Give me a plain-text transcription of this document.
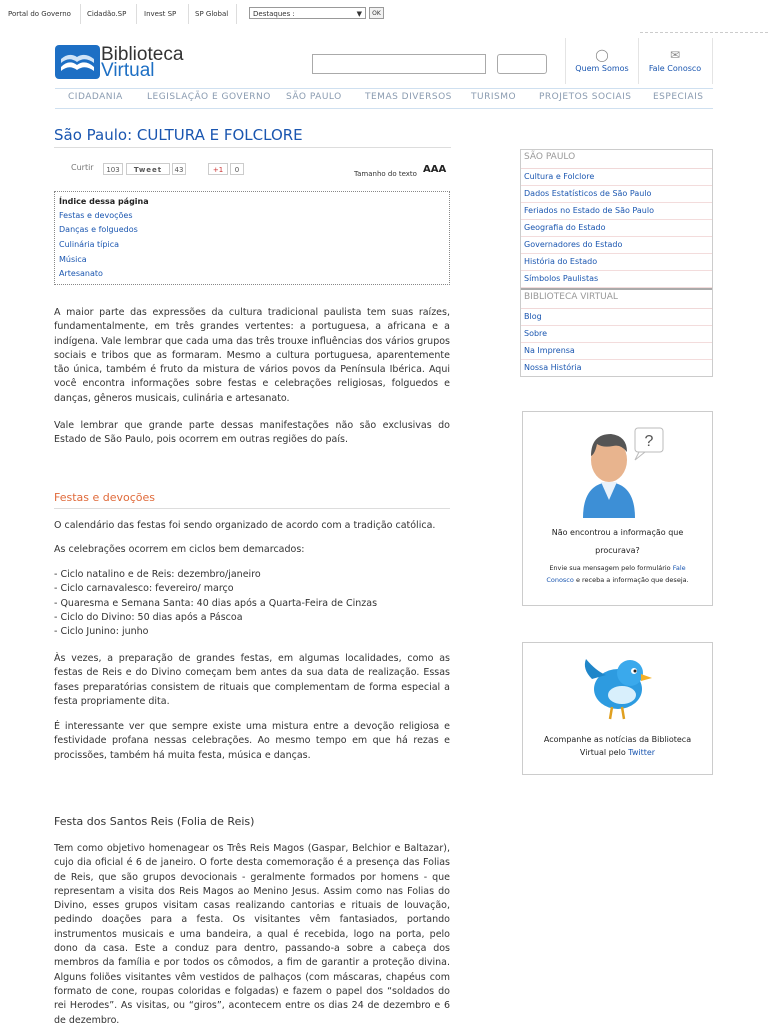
Portal do Governo Cidadão.SP	Invest SP	SP Global	Destaques :	▼	OK
Biblioteca
Virtual
◯
Quem Somos
✉
Fale Conosco
CIDADANIA	LEGISLAÇÃO E GOVERNO SÃO PAULO	TEMAS DIVERSOS TURISMO	PROJETOS SOCIAIS ESPECIAIS
São Paulo: CULTURA E FOLCLORE
Curtir	103	Tweet	43	+1	0	Tamanho do texto AAA
Índice dessa página
Festas e devoções
Danças e folguedos
Culinária típica
Música
Artesanato
A maior parte das expressões da cultura tradicional paulista tem suas raízes, fundamentalmente, em três grandes vertentes: a portuguesa, a africana e a indígena. Vale lembrar que cada uma das três trouxe influências dos vários grupos sociais e tribos que as formaram. Mesmo a cultura portuguesa, aparentemente tão única, também é fruto da mistura de vários povos da Península Ibérica. Aqui você encontra informações sobre festas e celebrações religiosas, folguedos e danças, gêneros musicais, culinária e artesanato.
Vale lembrar que grande parte dessas manifestações não são exclusivas do Estado de São Paulo, pois ocorrem em outras regiões do país.
Festas e devoções
O calendário das festas foi sendo organizado de acordo com a tradição católica.
As celebrações ocorrem em ciclos bem demarcados:
- Ciclo natalino e de Reis: dezembro/janeiro
- Ciclo carnavalesco: fevereiro/ março
- Quaresma e Semana Santa: 40 dias após a Quarta-Feira de Cinzas
- Ciclo do Divino: 50 dias após a Páscoa
- Ciclo Junino: junho
Às vezes, a preparação de grandes festas, em algumas localidades, como as festas de Reis e do Divino começam bem antes da sua data de realização. Essas fases preparatórias consistem de rituais que complementam de forma especial a festa propriamente dita.
É interessante ver que sempre existe uma mistura entre a devoção religiosa e festividade profana nessas celebrações. Ao mesmo tempo em que há rezas e procissões, também há muita festa, música e danças.
Festa dos Santos Reis (Folia de Reis)
Tem como objetivo homenagear os Três Reis Magos (Gaspar, Belchior e Baltazar), cujo dia oficial é 6 de janeiro. O forte desta comemoração é a presença das Folias de Reis, que são grupos devocionais - geralmente formados por homens - que representam a visita dos Reis Magos ao Menino Jesus. Assim como nas Folias do Divino, esses grupos visitam casas realizando cantorias e rituais de louvação, pedindo doações para a festa. Os visitantes vêm fantasiados, portando instrumentos musicais e uma bandeira, a qual é recebida, logo na porta, pelo dono da casa. Este a conduz para dentro, passando-a sobre a cabeça dos membros da família e por todos os cômodos, a fim de garantir a proteção divina. Alguns foliões visitantes vêm vestidos de palhaços (com máscaras, chapéus com formato de cone, roupas coloridas e folgadas) e fazem o papel dos “soldados do rei Herodes”. As visitas, ou “giros”, acontecem entre os dias 24 de dezembro e 6 de dezembro.
SÃO PAULO
Cultura e Folclore
Dados Estatísticos de São Paulo
Feriados no Estado de São Paulo
Geografia do Estado
Governadores do Estado
História do Estado
Símbolos Paulistas
BIBLIOTECA VIRTUAL
Blog
Sobre
Na Imprensa
Nossa História
?
Não encontrou a informação que
procurava?
Envie sua mensagem pelo formulário Fale
Conosco e receba a informação que deseja.
Acompanhe as notícias da Biblioteca
Virtual pelo Twitter
